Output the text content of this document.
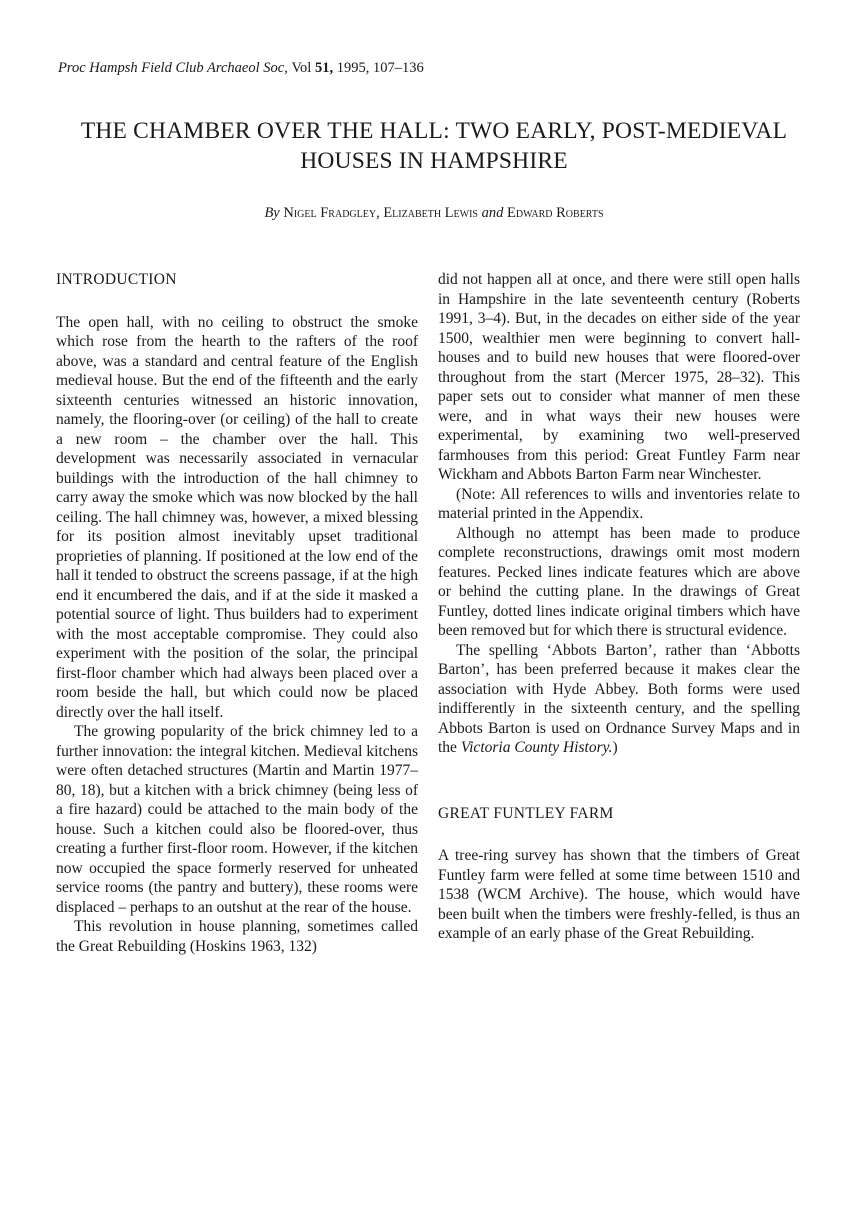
Proc Hampsh Field Club Archaeol Soc, Vol 51, 1995, 107–136
THE CHAMBER OVER THE HALL: TWO EARLY, POST-MEDIEVAL HOUSES IN HAMPSHIRE
By Nigel Fradgley, Elizabeth Lewis and Edward Roberts
INTRODUCTION

The open hall, with no ceiling to obstruct the smoke which rose from the hearth to the rafters of the roof above, was a standard and central feature of the English medieval house. But the end of the fifteenth and the early sixteenth centuries witnessed an historic innovation, namely, the flooring-over (or ceiling) of the hall to create a new room – the chamber over the hall. This development was necessarily associated in vernacular buildings with the introduction of the hall chimney to carry away the smoke which was now blocked by the hall ceiling. The hall chimney was, however, a mixed blessing for its position almost inevitably upset traditional proprieties of planning. If positioned at the low end of the hall it tended to obstruct the screens passage, if at the high end it encumbered the dais, and if at the side it masked a potential source of light. Thus builders had to experiment with the most acceptable compromise. They could also experiment with the position of the solar, the principal first-floor chamber which had always been placed over a room beside the hall, but which could now be placed directly over the hall itself.

The growing popularity of the brick chimney led to a further innovation: the integral kitchen. Medieval kitchens were often detached structures (Martin and Martin 1977–80, 18), but a kitchen with a brick chimney (being less of a fire hazard) could be attached to the main body of the house. Such a kitchen could also be floored-over, thus creating a further first-floor room. However, if the kitchen now occupied the space formerly reserved for unheated service rooms (the pantry and buttery), these rooms were displaced – perhaps to an outshut at the rear of the house.

This revolution in house planning, sometimes called the Great Rebuilding (Hoskins 1963, 132)

did not happen all at once, and there were still open halls in Hampshire in the late seventeenth century (Roberts 1991, 3–4). But, in the decades on either side of the year 1500, wealthier men were beginning to convert hall-houses and to build new houses that were floored-over throughout from the start (Mercer 1975, 28–32). This paper sets out to consider what manner of men these were, and in what ways their new houses were experimental, by examining two well-preserved farmhouses from this period: Great Funtley Farm near Wickham and Abbots Barton Farm near Winchester.

(Note: All references to wills and inventories relate to material printed in the Appendix.

Although no attempt has been made to produce complete reconstructions, drawings omit most modern features. Pecked lines indicate features which are above or behind the cutting plane. In the drawings of Great Funtley, dotted lines indicate original timbers which have been removed but for which there is structural evidence.

The spelling ‘Abbots Barton’, rather than ‘Abbotts Barton’, has been preferred because it makes clear the association with Hyde Abbey. Both forms were used indifferently in the sixteenth century, and the spelling Abbots Barton is used on Ordnance Survey Maps and in the Victoria County History.)

GREAT FUNTLEY FARM

A tree-ring survey has shown that the timbers of Great Funtley farm were felled at some time between 1510 and 1538 (WCM Archive). The house, which would have been built when the timbers were freshly-felled, is thus an example of an early phase of the Great Rebuilding.
